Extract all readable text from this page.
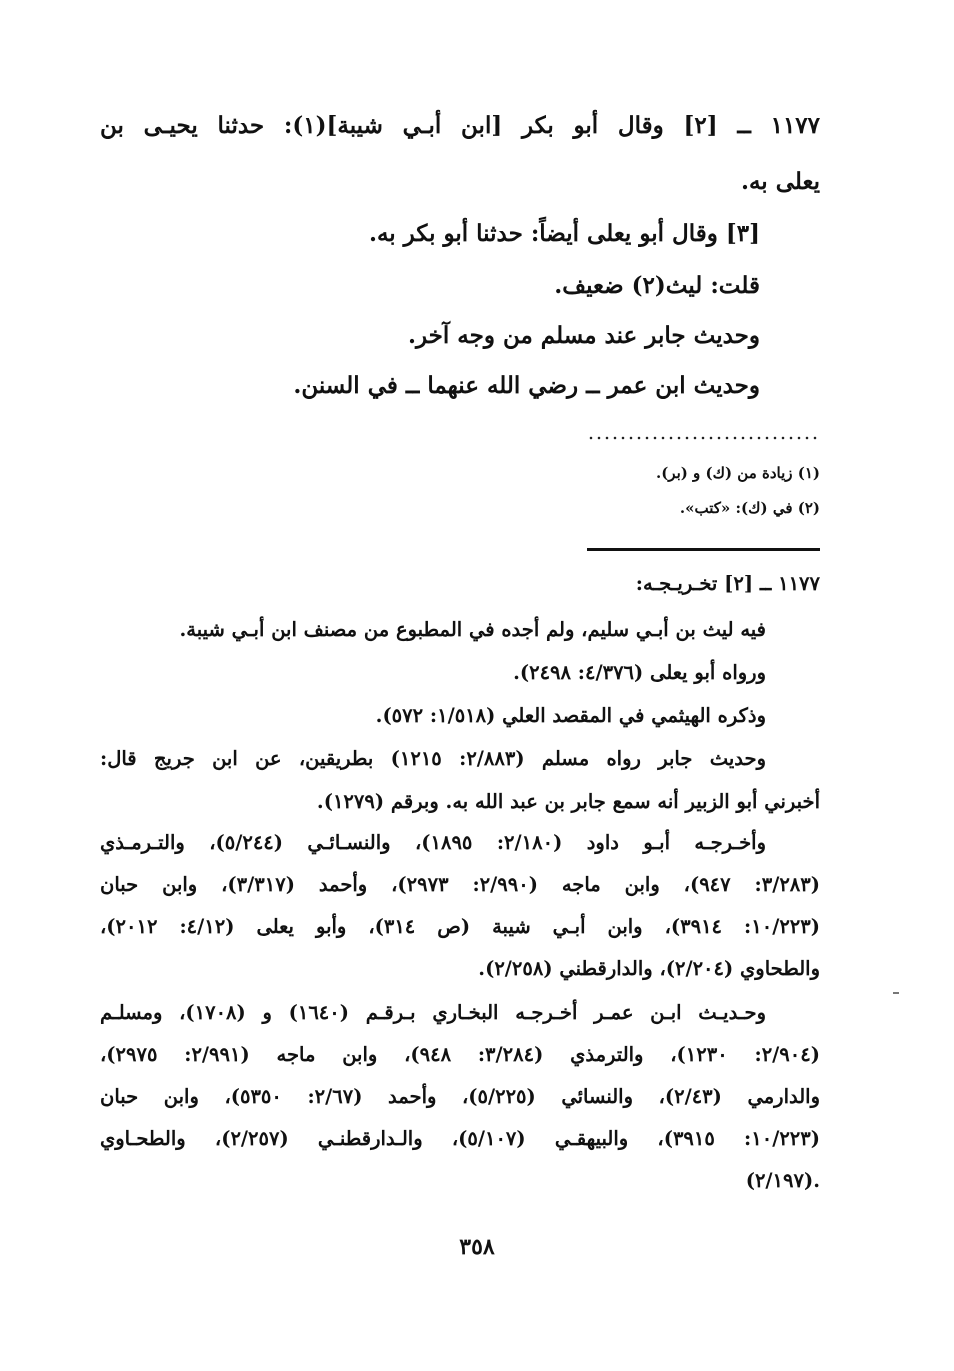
١١٧٧ ــ [٢] وقال أبو بكر [ابن أبـي شيبة](١): حدثنا يحيـى بن
يعلى به.
[٣] وقال أبو يعلى أيضاً: حدثنا أبو بكر به.
قلت: ليث(٢) ضعيف.
وحديث جابر عند مسلم من وجه آخر.
وحديث ابن عمر ــ رضي الله عنهما ــ في السنن.
(١) زيادة من (ك) و (بر).
(٢) في (ك): «كتب».
١١٧٧ ــ [٢] تخـريـجـه:
فيه ليث بن أبـي سليم، ولم أجده في المطبوع من مصنف ابن أبـي شيبة.
ورواه أبو يعلى (٤/٣٧٦: ٢٤٩٨).
وذكره الهيثمي في المقصد العلي (١/٥١٨: ٥٧٢).
وحديث جابر رواه مسلم (٢/٨٨٣: ١٢١٥) بطريقين، عن ابن جريج قال:
أخبرني أبو الزبير أنه سمع جابر بن عبد الله به. وبرقم (١٢٧٩).
وأخـرجـه أبـو داود (٢/١٨٠: ١٨٩٥)، والنسـائـي (٥/٢٤٤)، والتـرمـذي
(٣/٢٨٣: ٩٤٧)، وابن ماجه (٢/٩٩٠: ٢٩٧٣)، وأحمد (٣/٣١٧)، وابن حبان
(١٠/٢٢٣: ٣٩١٤)، وابن أبـي شيبة (ص ٣١٤)، وأبو يعلى (٤/١٢: ٢٠١٢)،
والطحاوي (٢/٢٠٤)، والدارقطني (٢/٢٥٨).
وحـديـث ابـن عمـر أخـرجـه البخـاري بـرقـم (١٦٤٠) و (١٧٠٨)، ومسلـم
(٢/٩٠٤: ١٢٣٠)، والترمذي (٣/٢٨٤: ٩٤٨)، وابن ماجه (٢/٩٩١: ٢٩٧٥)،
والدارمي (٢/٤٣)، والنسائي (٥/٢٢٥)، وأحمد (٢/٦٧: ٥٣٥٠)، وابن حبان
(١٠/٢٢٣: ٣٩١٥)، والبيهقـي (٥/١٠٧)، والـدارقطنـي (٢/٢٥٧)، والطحـاوي
(٢/١٩٧).
٣٥٨
